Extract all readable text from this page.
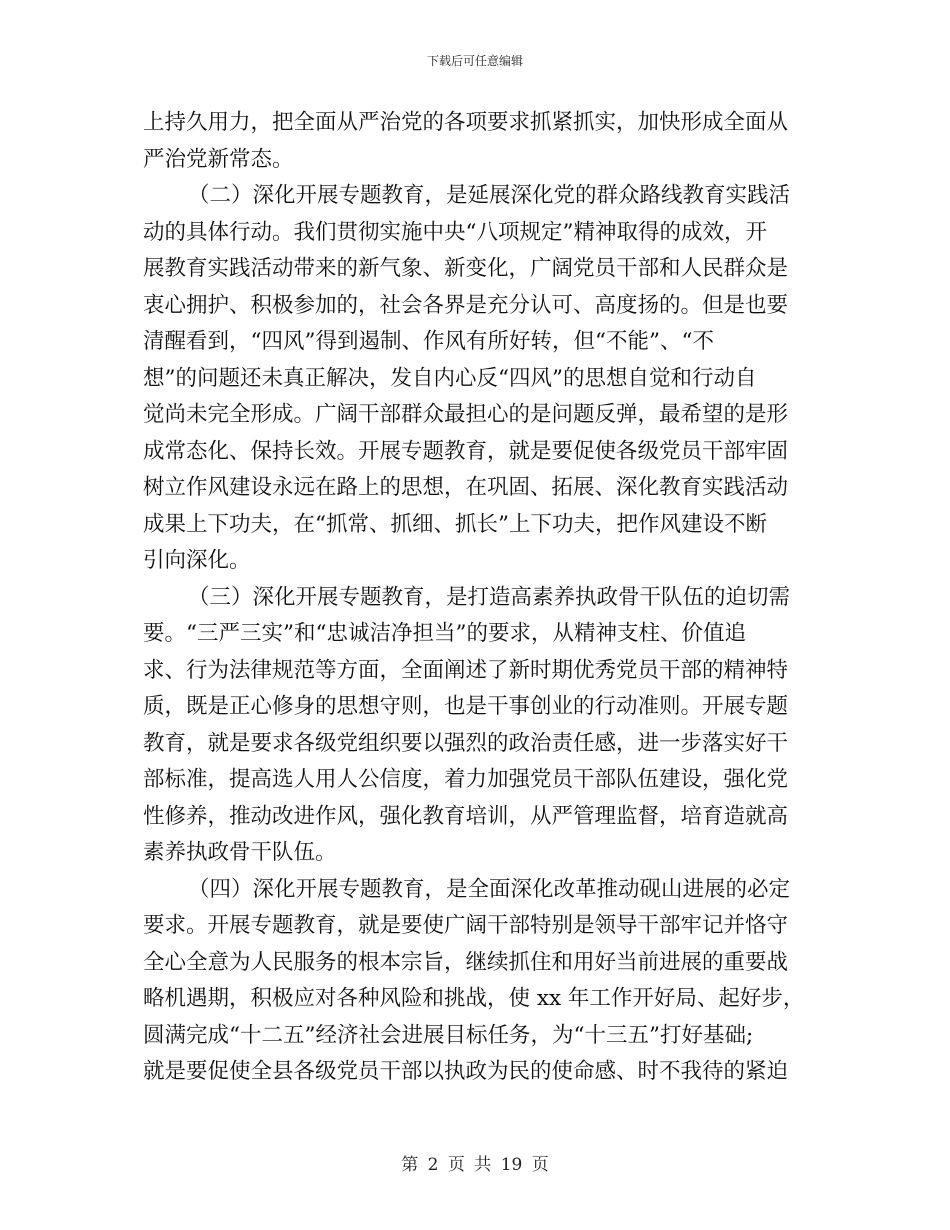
下载后可任意编辑
上持久用力，把全面从严治党的各项要求抓紧抓实，加快形成全面从
严治党新常态。
（二）深化开展专题教育，是延展深化党的群众路线教育实践活
动的具体行动。我们贯彻实施中央“八项规定”精神取得的成效，开
展教育实践活动带来的新气象、新变化，广阔党员干部和人民群众是
衷心拥护、积极参加的，社会各界是充分认可、高度扬的。但是也要
清醒看到，“四风”得到遏制、作风有所好转，但“不能”、“不
想”的问题还未真正解决，发自内心反“四风”的思想自觉和行动自
觉尚未完全形成。广阔干部群众最担心的是问题反弹，最希望的是形
成常态化、保持长效。开展专题教育，就是要促使各级党员干部牢固
树立作风建设永远在路上的思想，在巩固、拓展、深化教育实践活动
成果上下功夫，在“抓常、抓细、抓长”上下功夫，把作风建设不断
引向深化。
（三）深化开展专题教育，是打造高素养执政骨干队伍的迫切需
要。“三严三实”和“忠诚洁净担当”的要求，从精神支柱、价值追
求、行为法律规范等方面，全面阐述了新时期优秀党员干部的精神特
质，既是正心修身的思想守则，也是干事创业的行动准则。开展专题
教育，就是要求各级党组织要以强烈的政治责任感，进一步落实好干
部标准，提高选人用人公信度，着力加强党员干部队伍建设，强化党
性修养，推动改进作风，强化教育培训，从严管理监督，培育造就高
素养执政骨干队伍。
（四）深化开展专题教育，是全面深化改革推动砚山进展的必定
要求。开展专题教育，就是要使广阔干部特别是领导干部牢记并恪守
全心全意为人民服务的根本宗旨，继续抓住和用好当前进展的重要战
略机遇期，积极应对各种风险和挑战，使 xx 年工作开好局、起好步，
圆满完成“十二五”经济社会进展目标任务，为“十三五”打好基础;
就是要促使全县各级党员干部以执政为民的使命感、时不我待的紧迫
第 2 页 共 19 页
